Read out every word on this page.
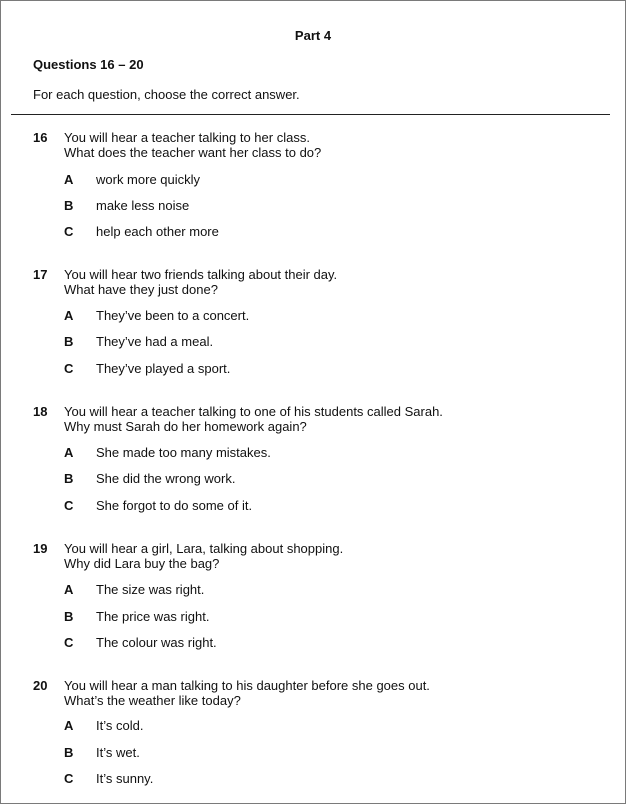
Part 4
Questions 16 – 20
For each question, choose the correct answer.
16 You will hear a teacher talking to her class.
What does the teacher want her class to do?
A work more quickly
B make less noise
C help each other more
17 You will hear two friends talking about their day.
What have they just done?
A They’ve been to a concert.
B They’ve had a meal.
C They’ve played a sport.
18 You will hear a teacher talking to one of his students called Sarah.
Why must Sarah do her homework again?
A She made too many mistakes.
B She did the wrong work.
C She forgot to do some of it.
19 You will hear a girl, Lara, talking about shopping.
Why did Lara buy the bag?
A The size was right.
B The price was right.
C The colour was right.
20 You will hear a man talking to his daughter before she goes out.
What’s the weather like today?
A It’s cold.
B It’s wet.
C It’s sunny.
